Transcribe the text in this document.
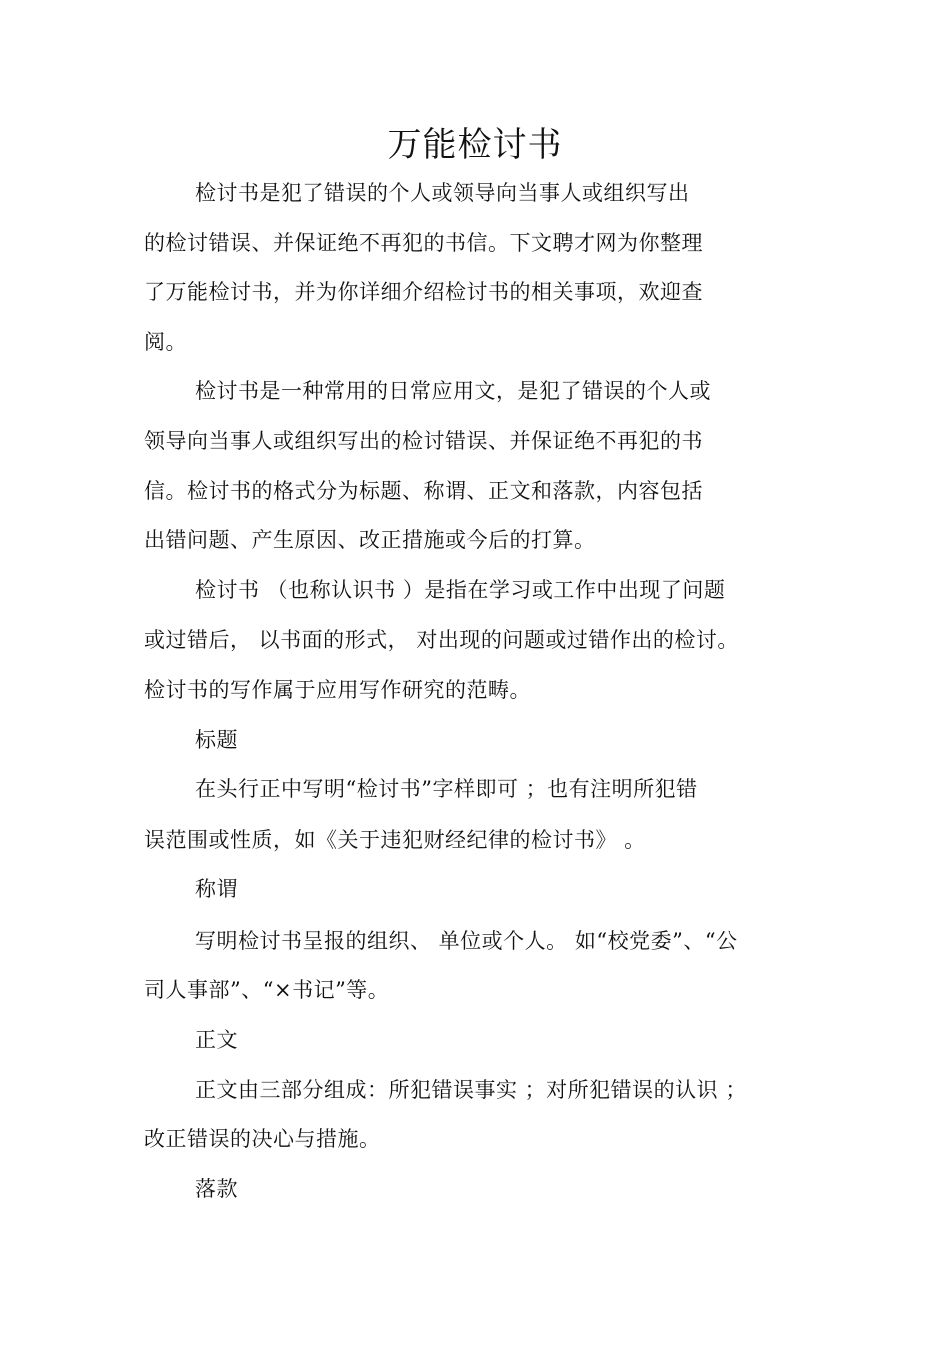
万能检讨书
检讨书是犯了错误的个人或领导向当事人或组织写出
的检讨错误、并保证绝不再犯的书信。下文聘才网为你整理
了万能检讨书，并为你详细介绍检讨书的相关事项，欢迎查
阅。
检讨书是一种常用的日常应用文，是犯了错误的个人或
领导向当事人或组织写出的检讨错误、并保证绝不再犯的书
信。检讨书的格式分为标题、称谓、正文和落款，内容包括
出错问题、产生原因、改正措施或今后的打算。
检讨书 （也称认识书 ）是指在学习或工作中出现了问题
或过错后， 以书面的形式， 对出现的问题或过错作出的检讨。
检讨书的写作属于应用写作研究的范畴。
标题
在头行正中写明“检讨书”字样即可 ；也有注明所犯错
误范围或性质，如《关于违犯财经纪律的检讨书》 。
称谓
写明检讨书呈报的组织、 单位或个人。 如“校党委”、“公
司人事部”、“×书记”等。
正文
正文由三部分组成：所犯错误事实 ；对所犯错误的认识 ；
改正错误的决心与措施。
落款
